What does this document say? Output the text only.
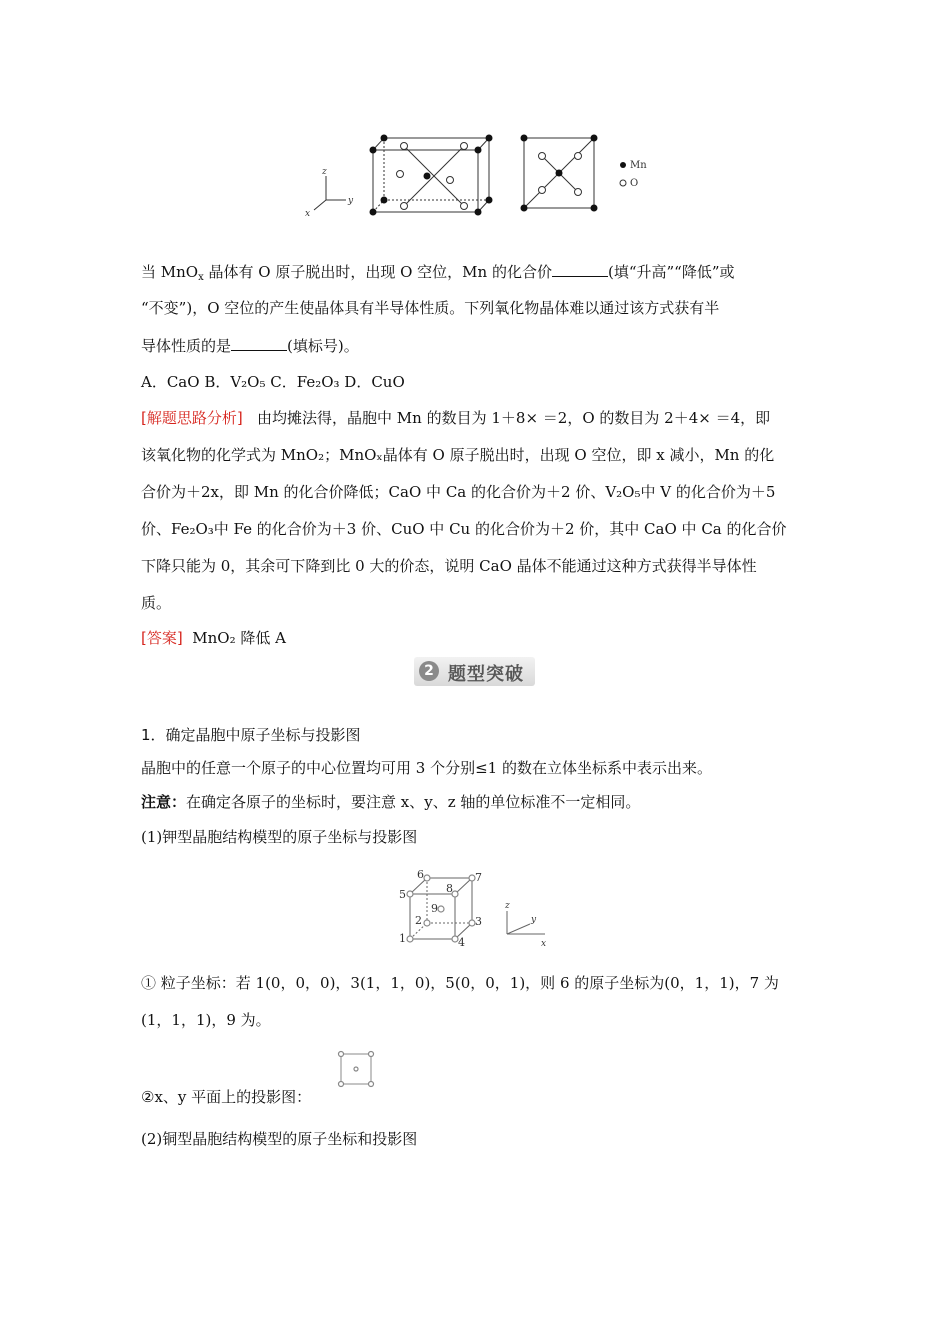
z
y
x
Mn
O
当 MnO$_x$ 晶体有 O 原子脱出时，出现 O 空位，Mn 的化合价	(填“升高”“降低”或
“不变”)，O 空位的产生使晶体具有半导体性质。下列氧化物晶体难以通过该方式获有半
导体性质的是	(填标号)。
A．CaO B．V₂O₅ C．Fe₂O₃ D．CuO
[解题思路分析] 由均摊法得，晶胞中 Mn 的数目为 1＋8× ＝2，O 的数目为 2＋4× ＝4，即
该氧化物的化学式为 MnO₂；MnOₓ晶体有 O 原子脱出时，出现 O 空位，即 x 减小，Mn 的化
合价为＋2x，即 Mn 的化合价降低；CaO 中 Ca 的化合价为＋2 价、V₂O₅中 V 的化合价为＋5
价、Fe₂O₃中 Fe 的化合价为＋3 价、CuO 中 Cu 的化合价为＋2 价，其中 CaO 中 Ca 的化合价
下降只能为 0，其余可下降到比 0 大的价态，说明 CaO 晶体不能通过这种方式获得半导体性
质。
[答案] MnO₂ 降低 A
2 题型突破
1．确定晶胞中原子坐标与投影图
晶胞中的任意一个原子的中心位置均可用 3 个分别≤1 的数在立体坐标系中表示出来。
注意：在确定各原子的坐标时，要注意 x、y、z 轴的单位标准不一定相同。
(1)钾型晶胞结构模型的原子坐标与投影图
1
2	3
4
5
6	7
8
9	z
y
x
① 粒子坐标：若 1(0，0，0)，3(1，1，0)，5(0，0，1)，则 6 的原子坐标为(0，1，1)，7 为
(1，1，1)，9 为。
②x、y 平面上的投影图：
(2)铜型晶胞结构模型的原子坐标和投影图
